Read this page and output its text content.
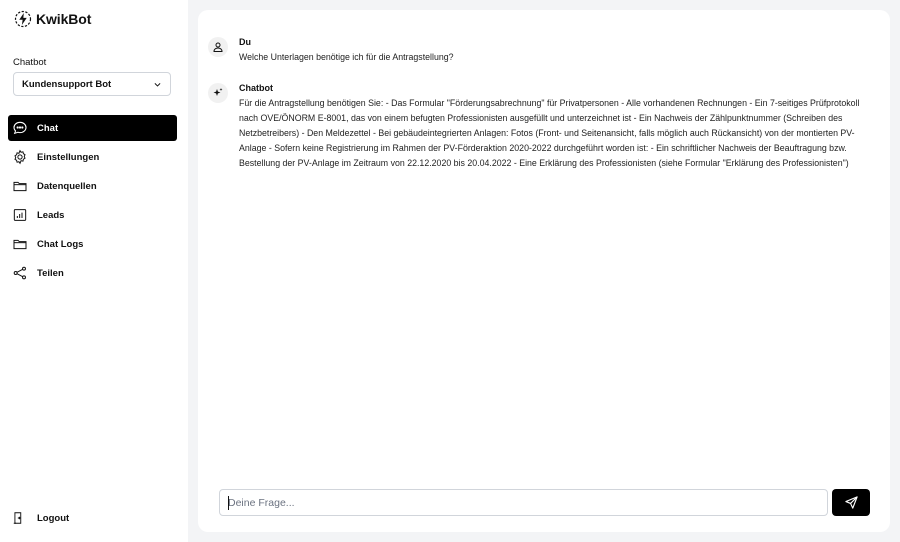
KwikBot
Chatbot
Kundensupport Bot
Chat
Einstellungen
Datenquellen
Leads
Chat Logs
Teilen
Logout
Du
Welche Unterlagen benötige ich für die Antragstellung?
Chatbot
Für die Antragstellung benötigen Sie: - Das Formular "Förderungsabrechnung" für Privatpersonen - Alle vorhandenen Rechnungen - Ein 7-seitiges Prüfprotokoll nach OVE/ÖNORM E-8001, das von einem befugten Professionisten ausgefüllt und unterzeichnet ist - Ein Nachweis der Zählpunktnummer (Schreiben des Netzbetreibers) - Den Meldezettel - Bei gebäudeintegrierten Anlagen: Fotos (Front- und Seitenansicht, falls möglich auch Rückansicht) von der montierten PV-Anlage - Sofern keine Registrierung im Rahmen der PV-Förderaktion 2020-2022 durchgeführt worden ist: - Ein schriftlicher Nachweis der Beauftragung bzw. Bestellung der PV-Anlage im Zeitraum von 22.12.2020 bis 20.04.2022 - Eine Erklärung des Professionisten (siehe Formular "Erklärung des Professionisten")
Deine Frage...
